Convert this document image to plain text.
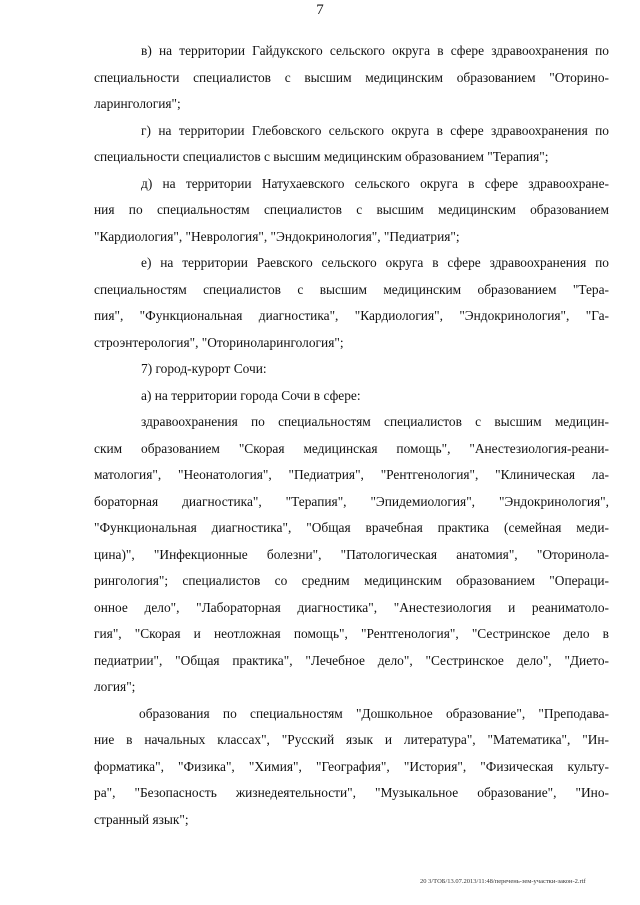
7
в) на территории Гайдукского сельского округа в сфере здравоохранения по
специальности специалистов с высшим медицинским образованием "Оторино-
ларингология";
г) на территории Глебовского сельского округа в сфере здравоохранения по
специальности специалистов с высшим медицинским образованием "Терапия";
д) на территории Натухаевского сельского округа в сфере здравоохране-
ния по специальностям специалистов с высшим медицинским образованием
"Кардиология", "Неврология", "Эндокринология", "Педиатрия";
е) на территории Раевского сельского округа в сфере здравоохранения по
специальностям специалистов с высшим медицинским образованием "Тера-
пия", "Функциональная диагностика", "Кардиология", "Эндокринология", "Га-
строэнтерология", "Оториноларингология";
7) город-курорт Сочи:
а) на территории города Сочи в сфере:
здравоохранения по специальностям специалистов с высшим медицин-
ским образованием "Скорая медицинская помощь", "Анестезиология-реани-
матология", "Неонатология", "Педиатрия", "Рентгенология", "Клиническая ла-
бораторная диагностика", "Терапия", "Эпидемиология", "Эндокринология",
"Функциональная диагностика", "Общая врачебная практика (семейная меди-
цина)", "Инфекционные болезни", "Патологическая анатомия", "Оторинола-
рингология"; специалистов со средним медицинским образованием "Операци-
онное дело", "Лабораторная диагностика", "Анестезиология и реаниматоло-
гия", "Скорая и неотложная помощь", "Рентгенология", "Сестринское дело в
педиатрии", "Общая практика", "Лечебное дело", "Сестринское дело", "Дието-
логия";
образования по специальностям "Дошкольное образование", "Преподава-
ние в начальных классах", "Русский язык и литература", "Математика", "Ин-
форматика", "Физика", "Химия", "География", "История", "Физическая культу-
ра", "Безопасность жизнедеятельности", "Музыкальное образование", "Ино-
странный язык";
20 3/ТОБ/13.07.2013/11:48/перечень-зем-участки-закон-2.rtf
